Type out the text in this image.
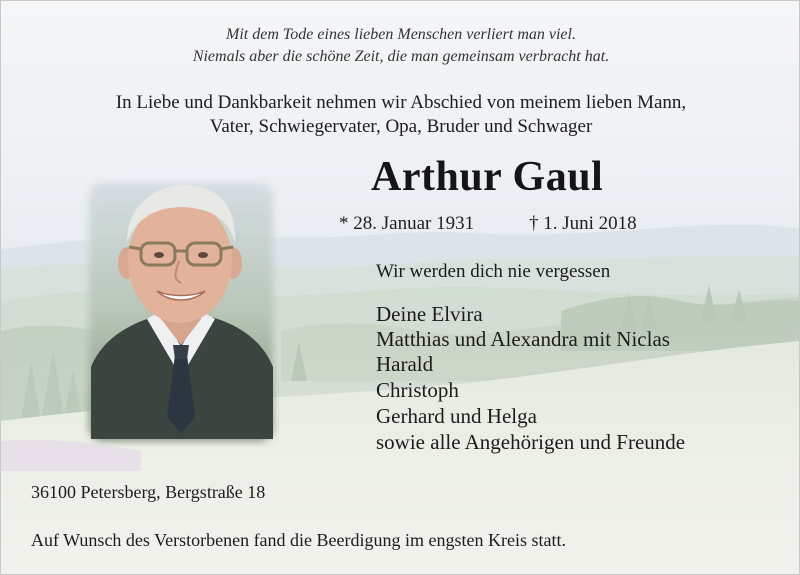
Mit dem Tode eines lieben Menschen verliert man viel.
Niemals aber die schöne Zeit, die man gemeinsam verbracht hat.
In Liebe und Dankbarkeit nehmen wir Abschied von meinem lieben Mann,
Vater, Schwiegervater, Opa, Bruder und Schwager
Arthur Gaul
* 28. Januar 1931	† 1. Juni 2018
Wir werden dich nie vergessen
Deine Elvira
Matthias und Alexandra mit Niclas
Harald
Christoph
Gerhard und Helga
sowie alle Angehörigen und Freunde
36100 Petersberg, Bergstraße 18
Auf Wunsch des Verstorbenen fand die Beerdigung im engsten Kreis statt.
